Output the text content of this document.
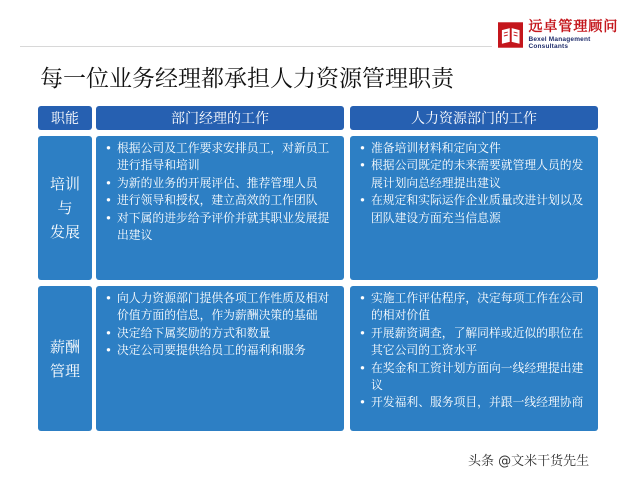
远卓管理顾问
Bexel Management Consultants
每一位业务经理都承担人力资源管理职责
职能	部门经理的工作	人力资源部门的工作
培训
与
发展
• 根据公司及工作要求安排员工，对新员工进行指导和培训
• 为新的业务的开展评估、推荐管理人员
• 进行领导和授权，建立高效的工作团队
• 对下属的进步给予评价并就其职业发展提出建议
• 准备培训材料和定向文件
• 根据公司既定的未来需要就管理人员的发展计划向总经理提出建议
• 在规定和实际运作企业质量改进计划以及团队建设方面充当信息源
薪酬
管理
• 向人力资源部门提供各项工作性质及相对价值方面的信息，作为薪酬决策的基础
• 决定给下属奖励的方式和数量
• 决定公司要提供给员工的福利和服务
• 实施工作评估程序，决定每项工作在公司的相对价值
• 开展薪资调查，了解同样或近似的职位在其它公司的工资水平
• 在奖金和工资计划方面向一线经理提出建议
• 开发福利、服务项目，并跟一线经理协商
头条 @文米干货先生
